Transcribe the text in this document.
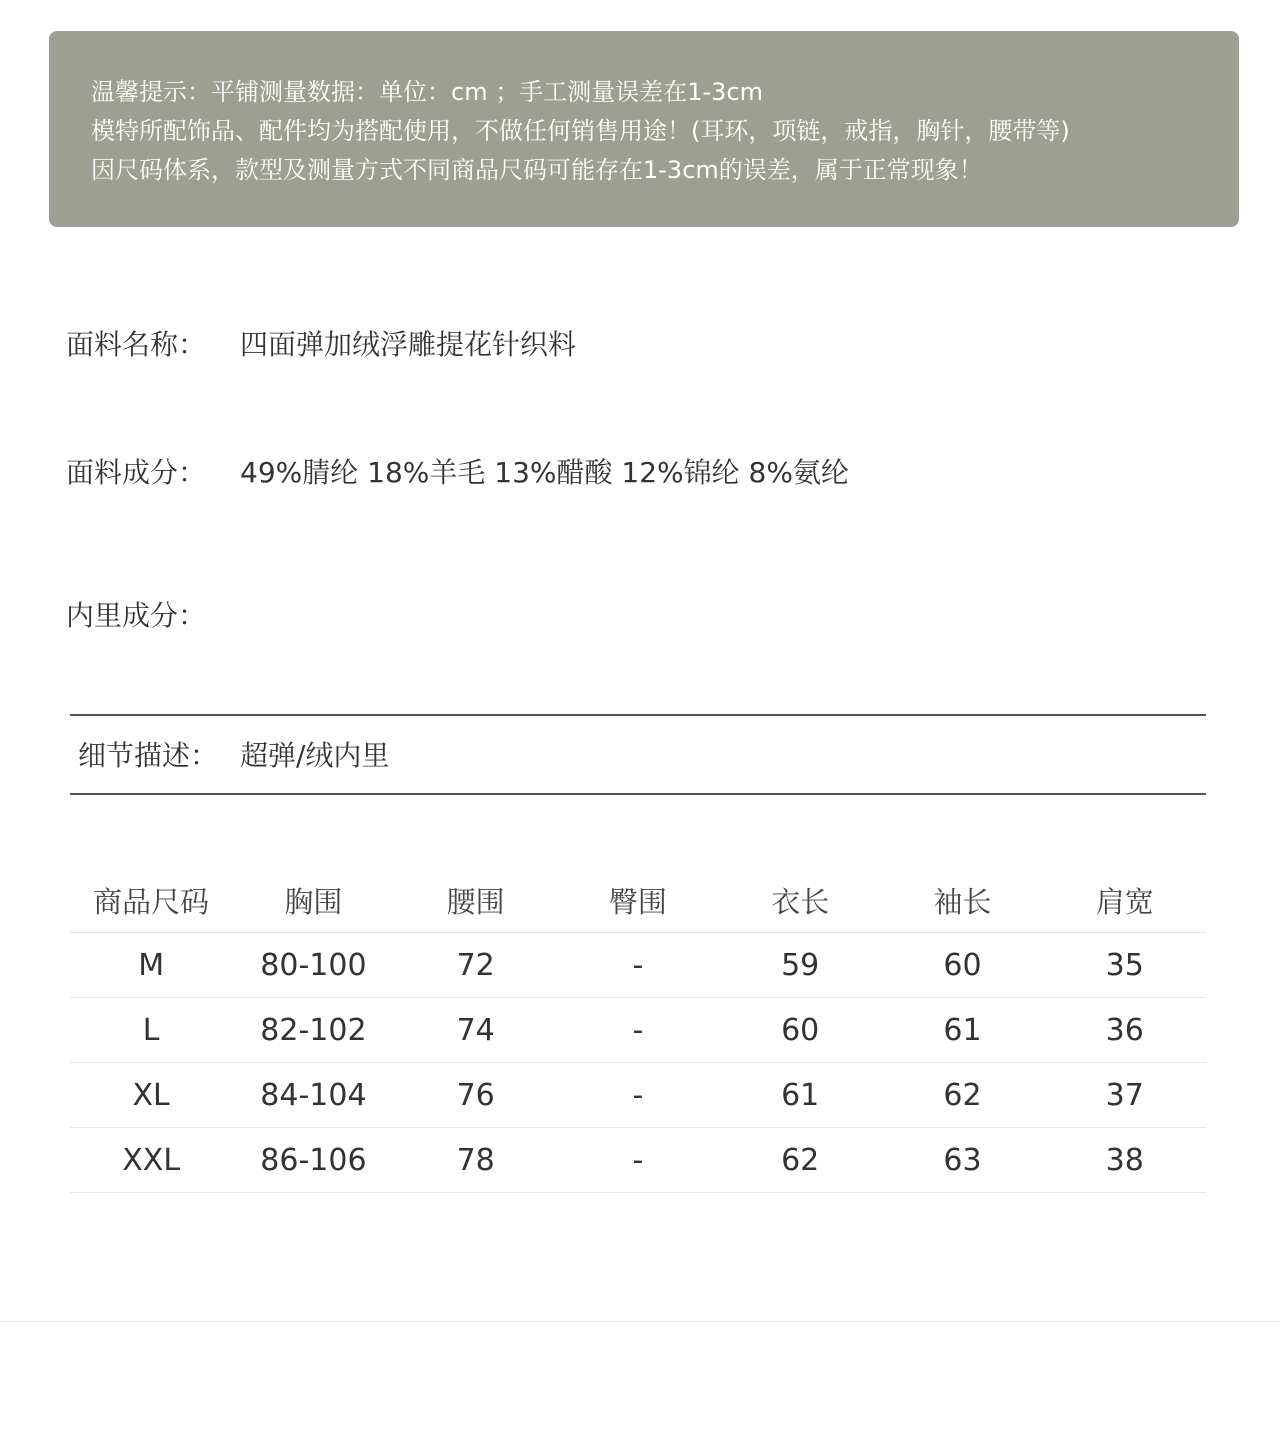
温馨提示：平铺测量数据：单位：cm ；手工测量误差在1-3cm
模特所配饰品、配件均为搭配使用，不做任何销售用途！(耳环，项链，戒指，胸针，腰带等)
因尺码体系，款型及测量方式不同商品尺码可能存在1-3cm的误差，属于正常现象！
面料名称： 四面弹加绒浮雕提花针织料
面料成分： 49%腈纶 18%羊毛 13%醋酸 12%锦纶 8%氨纶
内里成分：
细节描述： 超弹/绒内里
商品尺码	胸围	腰围	臀围	衣长	袖长	肩宽
M	80-100	72	-	59	60	35
L	82-102	74	-	60	61	36
XL	84-104	76	-	61	62	37
XXL	86-106	78	-	62	63	38
